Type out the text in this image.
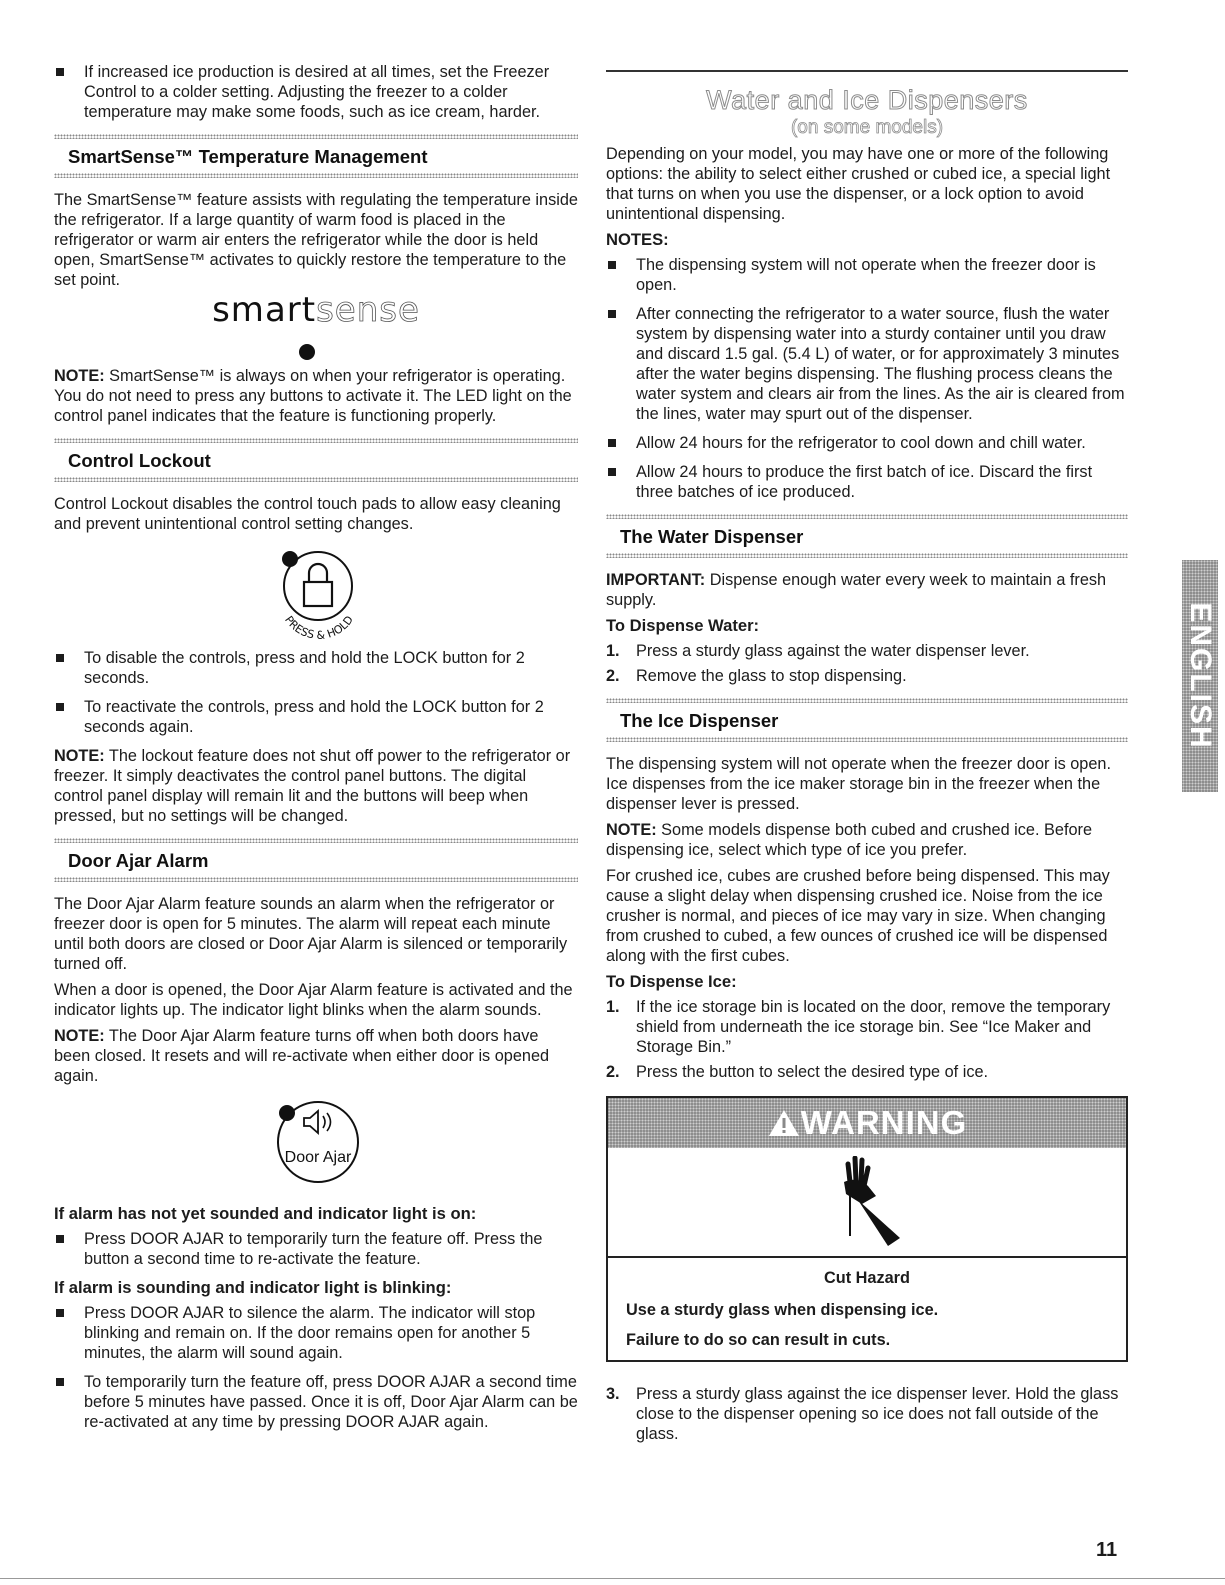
If increased ice production is desired at all times, set the Freezer Control to a colder setting. Adjusting the freezer to a colder temperature may make some foods, such as ice cream, harder.
SmartSense™ Temperature Management

The SmartSense™ feature assists with regulating the temperature inside the refrigerator. If a large quantity of warm food is placed in the refrigerator or warm air enters the refrigerator while the door is held open, SmartSense™ activates to quickly restore the temperature to the set point.

smartsense

NOTE: SmartSense™ is always on when your refrigerator is operating. You do not need to press any buttons to activate it. The LED light on the control panel indicates that the feature is functioning properly.

Control Lockout

Control Lockout disables the control touch pads to allow easy cleaning and prevent unintentional control setting changes.

PRESS & HOLD
To disable the controls, press and hold the LOCK button for 2 seconds.
To reactivate the controls, press and hold the LOCK button for 2 seconds again.

NOTE: The lockout feature does not shut off power to the refrigerator or freezer. It simply deactivates the control panel buttons. The digital control panel display will remain lit and the buttons will beep when pressed, but no settings will be changed.

Door Ajar Alarm

The Door Ajar Alarm feature sounds an alarm when the refrigerator or freezer door is open for 5 minutes. The alarm will repeat each minute until both doors are closed or Door Ajar Alarm is silenced or temporarily turned off.

When a door is opened, the Door Ajar Alarm feature is activated and the indicator lights up. The indicator light blinks when the alarm sounds.

NOTE: The Door Ajar Alarm feature turns off when both doors have been closed. It resets and will re-activate when either door is opened again.

Door Ajar

If alarm has not yet sounded and indicator light is on:

Press DOOR AJAR to temporarily turn the feature off. Press the button a second time to re-activate the feature.

If alarm is sounding and indicator light is blinking:

Press DOOR AJAR to silence the alarm. The indicator will stop blinking and remain on. If the door remains open for another 5 minutes, the alarm will sound again.
To temporarily turn the feature off, press DOOR AJAR a second time before 5 minutes have passed. Once it is off, Door Ajar Alarm can be re-activated at any time by pressing DOOR AJAR again.
Water and Ice Dispensers
(on some models)

Depending on your model, you may have one or more of the following options: the ability to select either crushed or cubed ice, a special light that turns on when you use the dispenser, or a lock option to avoid unintentional dispensing.

NOTES:

The dispensing system will not operate when the freezer door is open.
After connecting the refrigerator to a water source, flush the water system by dispensing water into a sturdy container until you draw and discard 1.5 gal. (5.4 L) of water, or for approximately 3 minutes after the water begins dispensing. The flushing process cleans the water system and clears air from the lines. As the air is cleared from the lines, water may spurt out of the dispenser.
Allow 24 hours for the refrigerator to cool down and chill water.
Allow 24 hours to produce the first batch of ice. Discard the first three batches of ice produced.
The Water Dispenser

IMPORTANT: Dispense enough water every week to maintain a fresh supply.

To Dispense Water:

1. Press a sturdy glass against the water dispenser lever.
2. Remove the glass to stop dispensing.
The Ice Dispenser

The dispensing system will not operate when the freezer door is open. Ice dispenses from the ice maker storage bin in the freezer when the dispenser lever is pressed.

NOTE: Some models dispense both cubed and crushed ice. Before dispensing ice, select which type of ice you prefer.

For crushed ice, cubes are crushed before being dispensed. This may cause a slight delay when dispensing crushed ice. Noise from the ice crusher is normal, and pieces of ice may vary in size. When changing from crushed to cubed, a few ounces of crushed ice will be dispensed along with the first cubes.

To Dispense Ice:

1. If the ice storage bin is located on the door, remove the temporary shield from underneath the ice storage bin. See “Ice Maker and Storage Bin.”
2. Press the button to select the desired type of ice.
WARNING

Cut Hazard

Use a sturdy glass when dispensing ice.

Failure to do so can result in cuts.

3. Press a sturdy glass against the ice dispenser lever. Hold the glass close to the dispenser opening so ice does not fall outside of the glass.
ENGLISH
11
